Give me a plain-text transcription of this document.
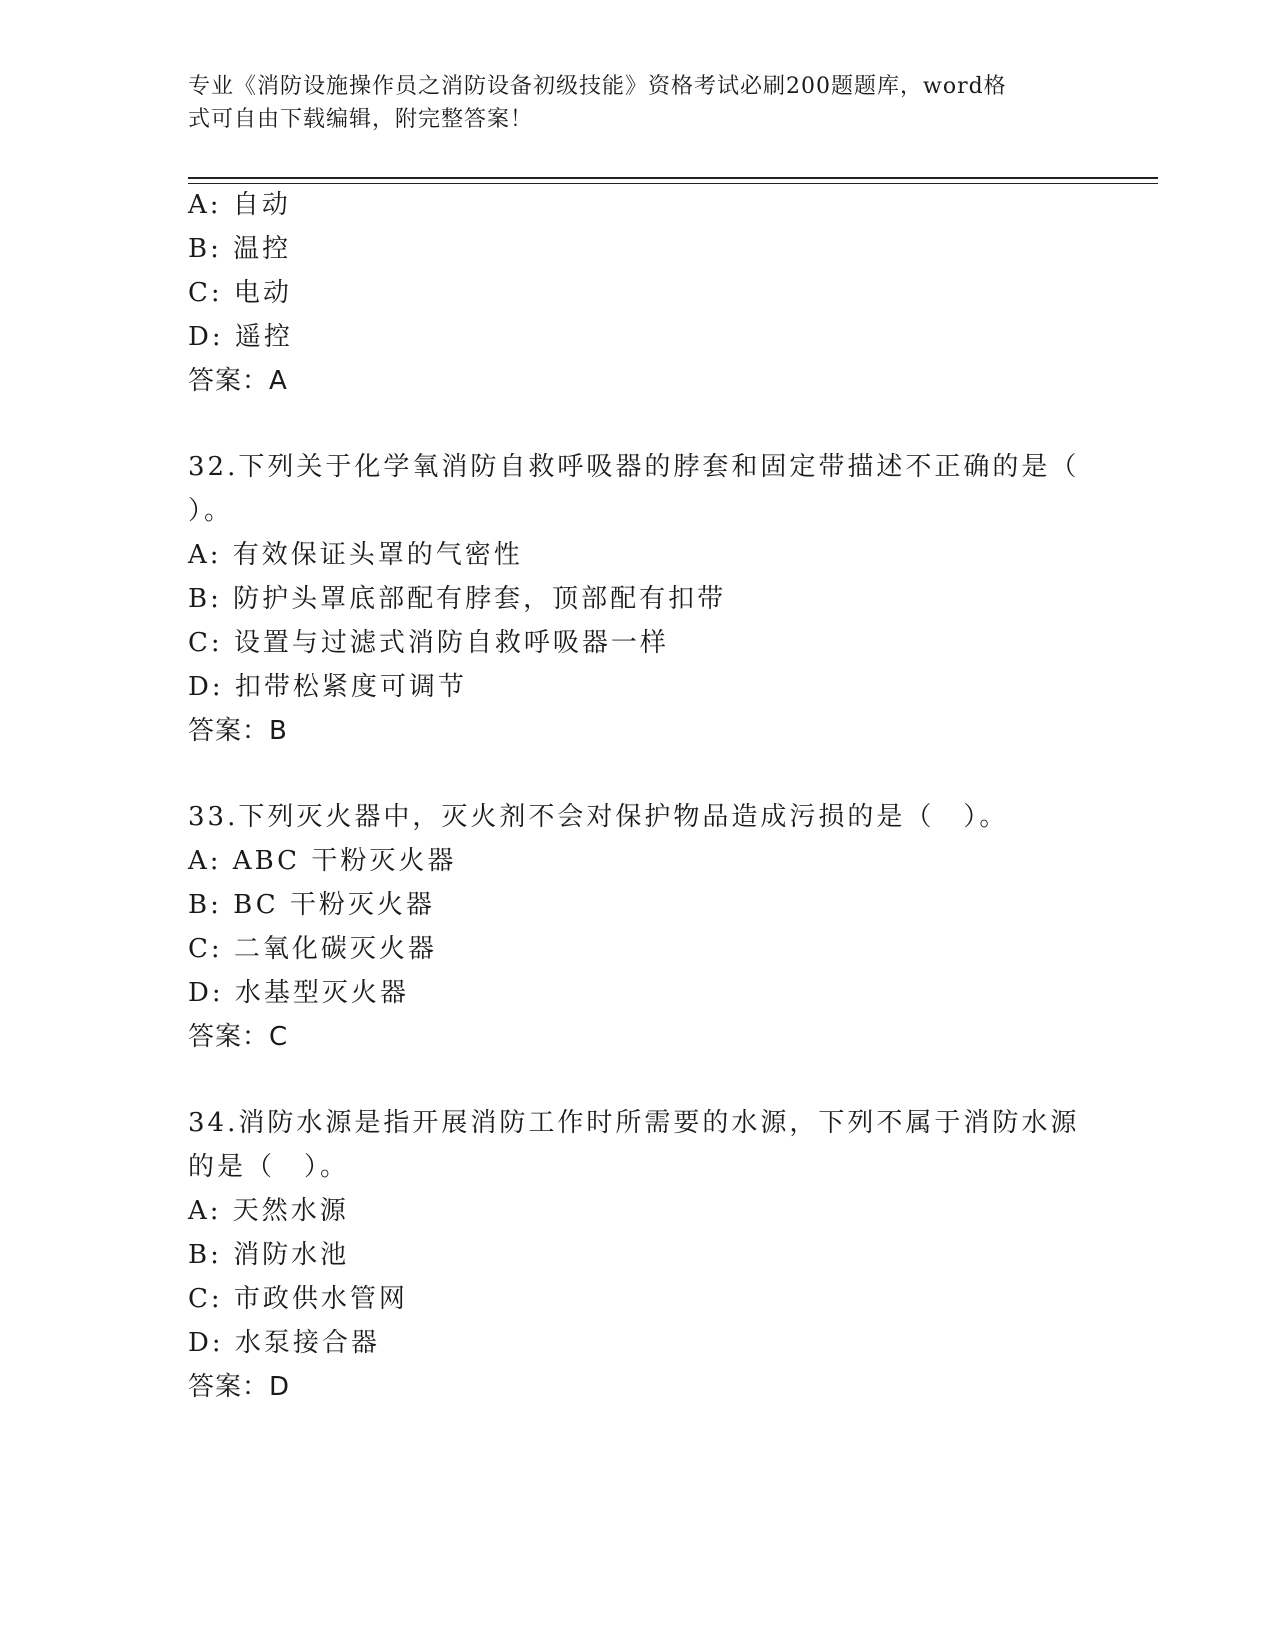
专业《消防设施操作员之消防设备初级技能》资格考试必刷200题题库，word格
式可自由下载编辑，附完整答案！
A: 自动
B: 温控
C: 电动
D: 遥控
答案：A
32.下列关于化学氧消防自救呼吸器的脖套和固定带描述不正确的是（
）。
A: 有效保证头罩的气密性
B: 防护头罩底部配有脖套，顶部配有扣带
C: 设置与过滤式消防自救呼吸器一样
D: 扣带松紧度可调节
答案：B
33.下列灭火器中，灭火剂不会对保护物品造成污损的是（　）。
A: ABC 干粉灭火器
B: BC 干粉灭火器
C: 二氧化碳灭火器
D: 水基型灭火器
答案：C
34.消防水源是指开展消防工作时所需要的水源，下列不属于消防水源
的是（　）。
A: 天然水源
B: 消防水池
C: 市政供水管网
D: 水泵接合器
答案：D
